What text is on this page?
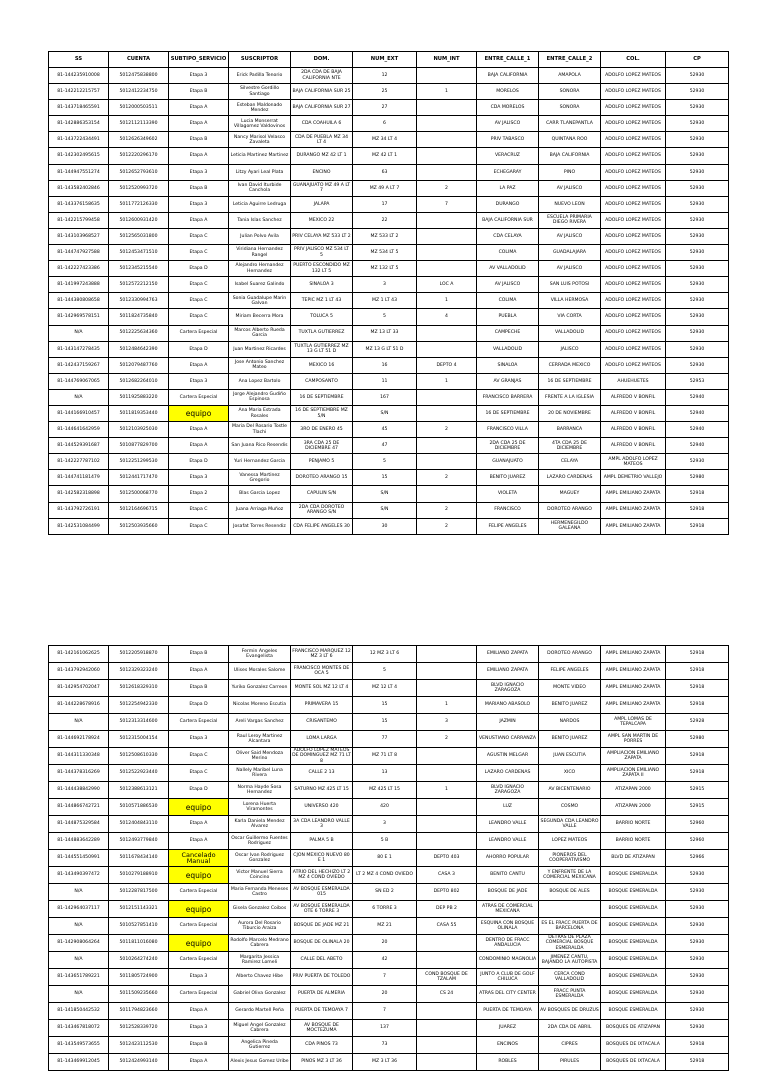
SS	CUENTA	SUBTIPO_SERVICIO	SUSCRIPTOR	DOM.	NUM_EXT	NUM_INT	ENTRE_CALLE_1	ENTRE_CALLE_2	COL.	CP
81-144235910008	5012475838800	Etapa 3	Erick Padilla Tenorio	2DA CDA DE BAJA CALIFORNIA NTE	12		BAJA CALIFORNIA	AMAPOLA	ADOLFO LOPEZ MATEOS	52930
81-142212215757	5012412234750	Etapa B	Silvestre Gordillo Santiago	BAJA CALIFORNIA SUR 25	25	1	MORELOS	SONORA	ADOLFO LOPEZ MATEOS	52930
81-143718465591	5012000503511	Etapa A	Esteban Maldonado Mendez	BAJA CALIFORNIA SUR 27	27		CDA MORELOS	SONORA	ADOLFO LOPEZ MATEOS	52930
81-142886353154	5012112113390	Etapa A	Lucia Monserrat Villagomez Valdovinos	CDA COAHUILA 6	6		AV JALISCO	CARR TLANEPANTLA	ADOLFO LOPEZ MATEOS	52930
81-143722434491	5012626349602	Etapa B	Nancy Marisol Velasco Zavaleta	CDA DE PUEBLA MZ 34 LT 4	MZ 34 LT 4		PRIV TABASCO	QUINTANA ROO	ADOLFO LOPEZ MATEOS	52930
81-142302495615	5012220296170	Etapa A	Leticia Martinez Martinez	DURANGO MZ 42 LT 1	MZ 42 LT 1		VERACRUZ	BAJA CALIFORNIA	ADOLFO LOPEZ MATEOS	52930
81-144947551274	5012652793610	Etapa 3	Litzy Ayari Leal Plata	ENCINO	63		ECHEGARAY	PINO	ADOLFO LOPEZ MATEOS	52930
81-143582402846	5012520993720	Etapa B	Ivan David Iturbide Canchola	GUANAJUATO MZ 49 A LT 7	MZ 49 A LT 7	2	LA PAZ	AV JALISCO	ADOLFO LOPEZ MATEOS	52930
81-143376158635	5011772126330	Etapa 3	Leticia Aguirre Ledruga	JALAPA	17	7	DURANGO	NUEVO LEON	ADOLFO LOPEZ MATEOS	52930
81-142215799458	5012600931420	Etapa A	Tania Islas Sanchez	MEXICO 22	22		BAJA CALIFORNIA SUR	ESCUELA PRIMARIA DIEGO RIVERA	ADOLFO LOPEZ MATEOS	52930
81-143103968527	5012565031800	Etapa C	Julian Polvo Avila	PRIV CELAYA MZ 533 LT 2	MZ 533 LT 2		CDA CELAYA	AV JALISCO	ADOLFO LOPEZ MATEOS	52930
81-144747927588	5012453471510	Etapa C	Viridiana Hernandez Rangel	PRIV JALISCO MZ 534 LT 5	MZ 534 LT 5		COLIMA	GUADALAJARA	ADOLFO LOPEZ MATEOS	52930
81-142227423386	5012345215540	Etapa D	Alejandro Hernandez Hernandez	PUERTO ESCONDIDO MZ 132 LT 5	MZ 132 LT 5		AV VALLADOLID	AV JALISCO	ADOLFO LOPEZ MATEOS	52930
81-141997243888	5012572212150	Etapa C	Isabel Suarez Galindo	SINALOA 3	3	LOC A	AV JALISCO	SAN LUIS POTOSI	ADOLFO LOPEZ MATEOS	52930
81-144380808658	5012330994763	Etapa C	Sonia Guadalupe Marin Galvan	TEPIC MZ 1 LT 43	MZ 1 LT 43	1	COLIMA	VILLA HERMOSA	ADOLFO LOPEZ MATEOS	52930
81-142969578151	5011824735840	Etapa C	Miriam Becerra Mora	TOLUCA 5	5	4	PUEBLA	VIA CORTA	ADOLFO LOPEZ MATEOS	52930
N/A	5012225634360	Cartera Especial	Marcos Alberto Rueda Garcia	TUXTLA GUTIERREZ	MZ 13 LT 33		CAMPECHE	VALLADOLID	ADOLFO LOPEZ MATEOS	52930
81-143147278435	5012484642390	Etapa D	Juan Martinez Ricardes	TUXTLA GUTIERREZ MZ 13 G LT 51 D	MZ 13 G LT 51 D		VALLADOLID	JALISCO	ADOLFO LOPEZ MATEOS	52930
81-142437159267	5012079487760	Etapa A	Jose Antonio Sanchez Mateo	MEXICO 16	16	DEPTO 4	SINALOA	CERRADA MEXICO	ADOLFO LOPEZ MATEOS	52930
81-144769067065	5012682264010	Etapa 3	Ana Lopez Bartolo	CAMPOSANTO	11	1	AV GRANJAS	16 DE SEPTIEMBRE	AHUEHUETES	52953
N/A	5011925883220	Cartera Especial	Jorge Alejandro Gudiño Espinosa	16 DE SEPTIEMBRE	167		FRANCISCO BARRERA	FRENTE A LA IGLESIA	ALFREDO V BONFIL	52940
81-144166910457	5011819353440	equipo	Ana Maria Estrada Rosales	16 DE SEPTIEMBRE MZ 5/N	S/N		16 DE SEPTIEMBRE	20 DE NOVIEMBRE	ALFREDO V BONFIL	52940
81-144641642959	5012103925030	Etapa A	Maria Del Rosario Tostle Tlachi	3RO DE ENERO 45	45	2	FRANCISCO VILLA	BARRANCA	ALFREDO V BONFIL	52940
81-144529391687	5010877829700	Etapa A	San Juana Rico Resendis	3RA CDA 25 DE DICIEMBRE 47	47		2DA CDA 25 DE DICIEMBRE	4TA CDA 25 DE DICIEMBRE	ALFREDO V BONFIL	52940
81-142227787102	5012251299530	Etapa D	Yuri Hernandez Garcia	PENJAMO 5	5		GUANAJUATO	CELAYA	AMPL ADOLFO LOPEZ MATEOS	52930
81-144741181479	5012441717470	Etapa 3	Vanessa Martinez Gregorio	DOROTEO ARANGO 15	15	2	BENITO JUAREZ	LAZARO CARDENAS	AMPL DEMETRIO VALLEJO	52980
81-142582318898	5012500068770	Etapa 2	Blas Garcia Lopez	CAPULIN S/N	S/N		VIOLETA	MAGUEY	AMPL EMILIANO ZAPATA	52918
81-143792726191	5012164696715	Etapa C	Juana Arriaga Muñoz	2DA CDA DOROTEO ARANGO S/N	S/N	2	FRANCISCO	DOROTEO ARANGO	AMPL EMILIANO ZAPATA	52918
81-142531084499	5012503935660	Etapa C	Josafat Torres Resendiz	CDA FELIPE ANGELES 30	30	2	FELIPE ANGELES	HERMENEGILDO GALEANA	AMPL EMILIANO ZAPATA	52918
81-142161062625	5012205918870	Etapa B	Fermin Angeles Evangelista	FRANCISCO MARQUEZ 12 MZ 3 LT 6	12 MZ 3 LT 6		EMILIANO ZAPATA	DOROTEO ARANGO	AMPL EMILIANO ZAPATA	52918
81-143792942060	5012329323240	Etapa A	Ulises Morales Salome	FRANCISCO MONTES DE OCA 5	5		EMILIANO ZAPATA	FELIPE ANGELES	AMPL EMILIANO ZAPATA	52918
81-142954702047	5012618329310	Etapa B	Yuriko Gonzalez Carreon	MONTE SOL MZ 12 LT 4	MZ 12 LT 4		BLVD IGNACIO ZARAGOZA	MONTE VIDEO	AMPL EMILIANO ZAPATA	52918
81-144228678916	5012254942330	Etapa D	Nicolas Moreno Escutia	PRIMAVERA 15	15	1	MARIANO ABASOLO	BENITO JUAREZ	AMPL EMILIANO ZAPATA	52918
N/A	5012313314600	Cartera Especial	Areli Vargas Sanchez	CRISANTEMO	15	3	JAZMIN	NARDOS	AMPL LOMAS DE TEPALCAPA	52928
81-144692178924	5012315004154	Etapa 3	Raul Leroy Martinez Alcantara	LOMA LARGA	77	2	VENUSTIANO CARRANZA	BENITO JUAREZ	AMPL SAN MARTIN DE PORRES	52980
81-144311330348	5012508610330	Etapa C	Oliver Said Mendoza Merino	ADOLFO LOPEZ MATEOS DE DOMINGUEZ MZ 71 LT 8	MZ 71 LT 8		AGUSTIN MELGAR	JUAN ESCUTIA	AMPLIACION EMILIANO ZAPATA	52918
81-144378316269	5012522923440	Etapa C	Nallely Maribel Luna Rivera	CALLE 2 13	13		LAZARO CARDENAS	XICO	AMPLIACION EMILIANO ZAPATA II	52918
81-144438842990	5012388613121	Etapa D	Norma Hayde Sosa Hernandez	SATURNO MZ 425 LT 15	MZ 425 LT 15	1	BLVD IGNACIO ZARAGOZA	AV BICENTENARIO	ATIZAPAN 2000	52915
81-144866742721	5010571886530	equipo	Lorena Huerta Viramontes	UNIVERSO 420	420		LUZ	COSMO	ATIZAPAN 2000	52915
81-144875329584	5012404843110	Etapa A	Karla Daniela Mendez Alvarez	3A CDA LEANDRO VALLE 3	3		LEANDRO VALLE	SEGUNDA CDA LEANDRO VALLE	BARRIO NORTE	52960
81-144883642289	5012493779840	Etapa A	Oscar Guillermo Fuentes Rodriguez	PALMA 5 B	5 B		LEANDRO VALLE	LOPEZ MATEOS	BARRIO NORTE	52960
81-144551450991	5011678434140	Cancelado Manual	Oscar Ivan Rodriguez Gonzalez	CJON MEXICO NUEVO 80 E 1	80 E 1	DEPTO 403	AHORRO POPULAR	PIONEROS DEL COOPERATIVISMO	BLVD DE ATIZAPAN	52966
81-143490397472	5010279188910	equipo	Victor Manuel Sierra Coincino	ATRIO DEL HECHIZO LT 2 MZ 4 COND OVIEDO	LT 2 MZ 4 COND OVIEDO	CASA 3	BENITO CANTU	Y ENFRENTE DE LA COMERCIAL MEXICANA	BOSQUE ESMERALDA	52930
N/A	5012287817500	Cartera Especial	Maria Fernanda Meneses Castro	AV BOSQUE ESMERALDA 015	SN ED 2	DEPTO 802	BOSQUE DE JADE	BOSQUE DE ALES	BOSQUE ESMERALDA	52930
81-142964037117	5012151143321	equipo	Gisela Gonzalez Coibos	AV BOSQUE ESMERALDA OTE 6 TORRE 3	6 TORRE 3	DEP PB 2	ATRAS DE COMERCIAL MEXICANA		BOSQUE ESMERALDA	52930
N/A	5010527851410	Cartera Especial	Aurora Del Rosario Tiburcio Araiza	BOSQUE DE JADE MZ 21	MZ 21	CASA 55	ESQUINA CON BOSQUE OLINALA	ES EL FRACC PUERTA DE BARCELONA	BOSQUE ESMERALDA	52930
81-142908064264	5011811016080	equipo	Rodolfo Marcelo Medrano Cabrera	BOSQUE DE OLINALA 20	20		DENTRO DE FRACC ANDALUCIA	DETRAS DE PLAZA COMERCIAL BOSQUE ESMERALDA	BOSQUE ESMERALDA	52930
N/A	5010264274240	Cartera Especial	Margarita Jessica Ramirez Lomeli	CALLE DEL ABETO	42		CONDOMINIO MAGNOLIA	JIMENEZ CANTU, BAJANDO LA AUTOPISTA	BOSQUE ESMERALDA	52930
81-143651789221	5011805724900	Etapa 3	Alberto Chavez Hibe	PRIV PUERTA DE TOLEDO	7	COND BOSQUE DE TZALAM	JUNTO A CLUB DE GOLF CHILUCA	CERCA COND VALLADOLID	BOSQUE ESMERALDA	52930
N/A	5011509235660	Cartera Especial	Gabriel Oliva Gonzalez	PUERTA DE ALMERIA	20	CS 24	ATRAS DEL CITY CENTER	FRACC PUNTA ESMERALDA	BOSQUE ESMERALDA	52930
81-141850442532	5011794823660	Etapa A	Gerardo Martell Peña	PUERTA DE TEMOAYA 7	7		PUERTA DE TEMOAYA	AV BOSQUES DE DRUZUS	BOSQUE ESMERALDA	52930
81-143467818072	5012528339720	Etapa 3	Miguel Angel Gonzalez Cabrera	AV BOSQUE DE MOCTEZUMA	137		JUAREZ	2DA CDA DE ABRIL	BOSQUES DE ATIZAPAN	52930
81-143549573655	5012423112530	Etapa B	Angelica Pineda Gutierrez	CDA PINOS 73	73		ENCINOS	CIPRES	BOSQUES DE IXTACALA	52918
81-143469912045	5012424993140	Etapa A	Alexis Jesus Gomez Uribe	PINOS MZ 3 LT 36	MZ 3 LT 36		ROBLES	PIRULES	BOSQUES DE IXTACALA	52918
